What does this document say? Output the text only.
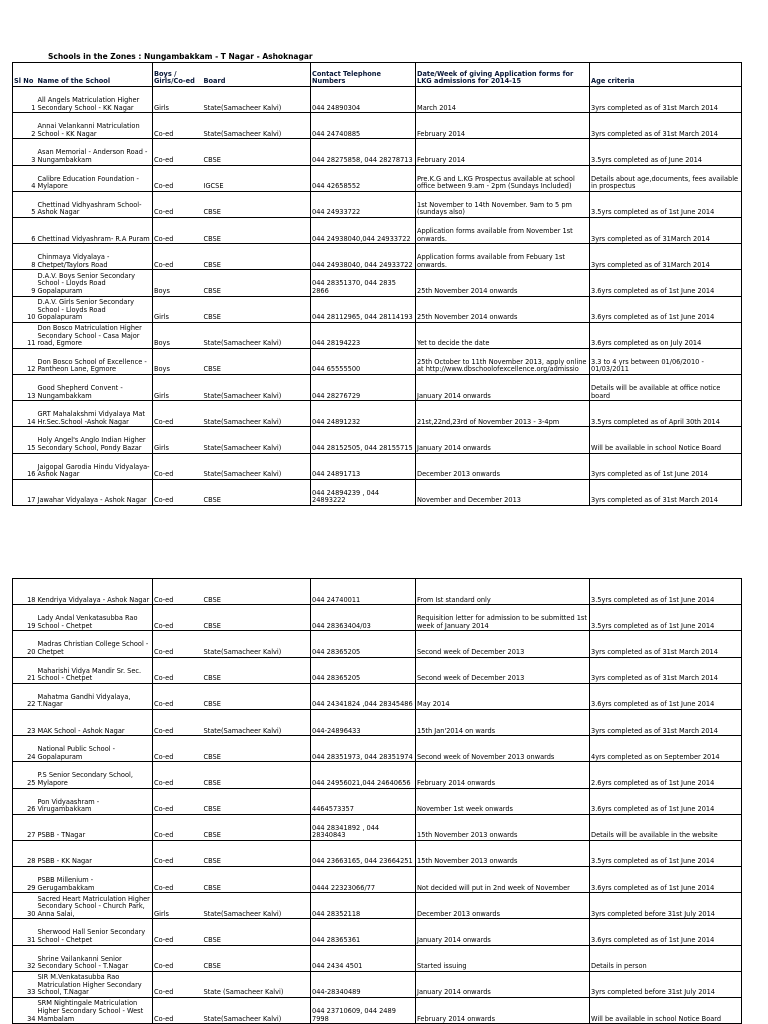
Schools in the Zones : Nungambakkam - T Nagar - Ashoknagar
Sl No	Name of the School	Boys / Girls/Co-ed	Board	Contact Telephone Numbers	Date/Week of giving Application forms for LKG admissions for 2014-15	Age criteria
1	All Angels Matriculation Higher Secondary School - KK Nagar	Girls	State(Samacheer Kalvi)	044 24890304	March 2014	3yrs completed as of 31st March 2014
2	Annai Velankanni Matriculation School - KK Nagar	Co-ed	State(Samacheer Kalvi)	044 24740885	February 2014	3yrs completed as of 31st March 2014
3	Asan Memorial - Anderson Road -Nungambakkam	Co-ed	CBSE	044 28275858, 044 28278713	February 2014	3.5yrs completed as of June 2014
4	Calibre Education Foundation - Mylapore	Co-ed	IGCSE	044 42658552	Pre.K.G and L.KG Prospectus available at school office between 9.am - 2pm (Sundays Included)	Details about age,documents, fees available in prospectus
5	Chettinad Vidhyashram School- Ashok Nagar	Co-ed	CBSE	044 24933722	1st November to 14th November. 9am to 5 pm (sundays also)	3.5yrs completed as of 1st June 2014
6	Chettinad Vidyashram- R.A Puram	Co-ed	CBSE	044 24938040,044 24933722	Application forms available from November 1st onwards.	3yrs completed as of 31March 2014
8	Chinmaya Vidyalaya - Chetpet/Taylors Road	Co-ed	CBSE	044 24938040, 044 24933722	Application forms available from Febuary 1st onwards.	3yrs completed as of 31March 2014
9	D.A.V. Boys Senior Secondary School - Lloyds Road Gopalapuram	Boys	CBSE	044 28351370, 044 2835 2866	25th November 2014 onwards	3.6yrs completed as of 1st June 2014
10	D.A.V. Girls Senior Secondary School - Lloyds Road Gopalapuram	Girls	CBSE	044 28112965, 044 28114193	25th November 2014 onwards	3.6yrs completed as of 1st June 2014
11	Don Bosco Matriculation Higher Secondary School - Casa Major road, Egmore	Boys	State(Samacheer Kalvi)	044 28194223	Yet to decide the date	3.6yrs completed as on July 2014
12	Don Bosco School of Excellence - Pantheon Lane, Egmore	Boys	CBSE	044 65555500	25th October to 11th November 2013, apply online at http://www.dbschoolofexcellence.org/admissio	3.3 to 4 yrs between 01/06/2010 - 01/03/2011
13	Good Shepherd Convent - Nungambakkam	Girls	State(Samacheer Kalvi)	044 28276729	January 2014 onwards	Details will be available at office notice board
14	GRT Mahalakshmi Vidyalaya Mat Hr.Sec.School -Ashok Nagar	Co-ed	State(Samacheer Kalvi)	044 24891232	21st,22nd,23rd of November 2013 - 3-4pm	3.5yrs completed as of April 30th 2014
15	Holy Angel's Anglo Indian Higher Secondary School, Pondy Bazar	Girls	State(Samacheer Kalvi)	044 28152505, 044 28155715	January 2014 onwards	Will be available in school Notice Board
16	Jaigopal Garodia Hindu Vidyalaya- Ashok Nagar	Co-ed	State(Samacheer Kalvi)	044 24891713	December 2013 onwards	3yrs completed as of 1st June 2014
17	Jawahar Vidyalaya - Ashok Nagar	Co-ed	CBSE	044 24894239 , 044 24893222	November and December 2013	3yrs completed as of 31st March 2014
18	Kendriya Vidyalaya - Ashok Nagar	Co-ed	CBSE	044 24740011	From Ist standard only	3.5yrs completed as of 1st June 2014
19	Lady Andal Venkatasubba Rao School - Chetpet	Co-ed	CBSE	044 28363404/03	Requisition letter for admission to be submitted 1st week of January 2014	3.5yrs completed as of 1st June 2014
20	Madras Christian College School - Chetpet	Co-ed	State(Samacheer Kalvi)	044 28365205	Second week of December 2013	3yrs completed as of 31st March 2014
21	Maharishi Vidya Mandir Sr. Sec. School - Chetpet	Co-ed	CBSE	044 28365205	Second week of December 2013	3yrs completed as of 31st March 2014
22	Mahatma Gandhi Vidyalaya, T.Nagar	Co-ed	CBSE	044 24341824 ,044 28345486	May 2014	3.6yrs completed as of 1st June 2014
23	MAK School - Ashok Nagar	Co-ed	State(Samacheer Kalvi)	044-24896433	15th Jan'2014 on wards	3yrs completed as of 31st March 2014
24	National Public School - Gopalapuram	Co-ed	CBSE	044 28351973, 044 28351974	Second week of November 2013 onwards	4yrs completed as on September 2014
25	P.S Senior Secondary School, Mylapore	Co-ed	CBSE	044 24956021,044 24640656	February 2014 onwards	2.6yrs completed as of 1st June 2014
26	Pon Vidyaashram - Virugambakkam	Co-ed	CBSE	4464573357	November 1st week onwards	3.6yrs completed as of 1st June 2014
27	PSBB - TNagar	Co-ed	CBSE	044 28341892 , 044 28340843	15th November 2013 onwards	Details will be available in the website
28	PSBB - KK Nagar	Co-ed	CBSE	044 23663165, 044 23664251	15th November 2013 onwards	3.5yrs completed as of 1st June 2014
29	PSBB Millenium - Gerugambakkam	Co-ed	CBSE	0444 22323066/77	Not decided will put in 2nd week of November	3.6yrs completed as of 1st June 2014
30	Sacred Heart Matriculation Higher Secondary School - Church Park, Anna Salai,	Girls	State(Samacheer Kalvi)	044 28352118	December 2013 onwards	3yrs completed before 31st July 2014
31	Sherwood Hall Senior Secondary School - Chetpet	Co-ed	CBSE	044 28365361	January 2014 onwards	3.6yrs completed as of 1st June 2014
32	Shrine Vailankanni Senior Secondary School - T.Nagar	Co-ed	CBSE	044 2434 4501	Started issuing	Details in person
33	SIR M.Venkatasubba Rao Matriculation Higher Secondary School, T.Nagar	Co-ed	State (Samacheer Kalvi)	044-28340489	January 2014 onwards	3yrs completed before 31st July 2014
34	SRM Nightingale Matriculation Higher Secondary School - West Mambalam	Co-ed	State(Samacheer Kalvi)	044 23710609, 044 2489 7998	February 2014 onwards	Will be available in school Notice Board
